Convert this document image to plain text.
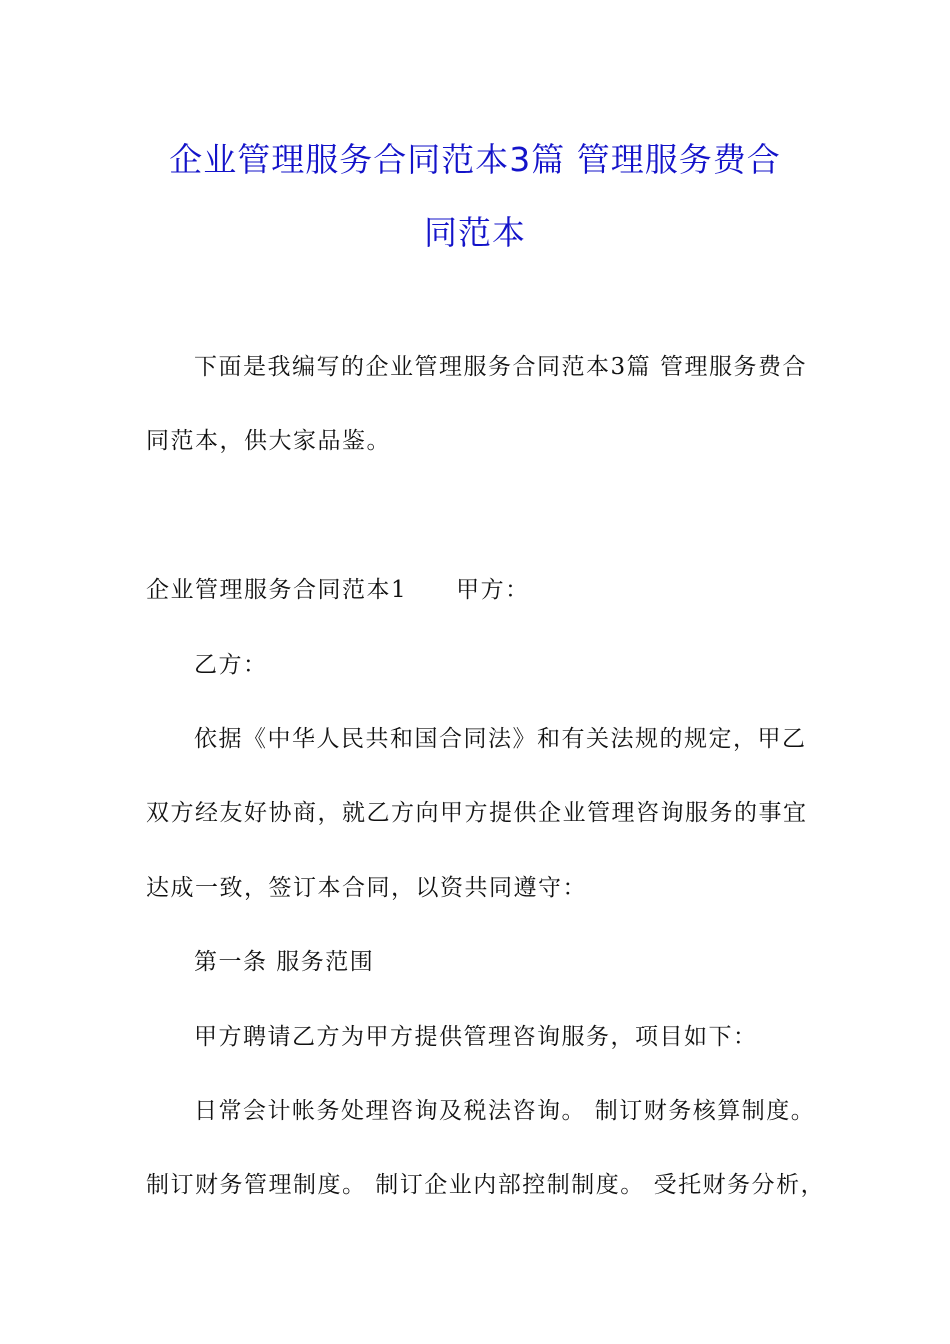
企业管理服务合同范本3篇 管理服务费合
同范本

下面是我编写的企业管理服务合同范本3篇 管理服务费合

同范本，供大家品鉴。

企业管理服务合同范本1　　甲方：

乙方：

依据《中华人民共和国合同法》和有关法规的规定，甲乙

双方经友好协商，就乙方向甲方提供企业管理咨询服务的事宜

达成一致，签订本合同，以资共同遵守：

第一条 服务范围

甲方聘请乙方为甲方提供管理咨询服务，项目如下：

日常会计帐务处理咨询及税法咨询。 制订财务核算制度。

制订财务管理制度。 制订企业内部控制制度。 受托财务分析，
